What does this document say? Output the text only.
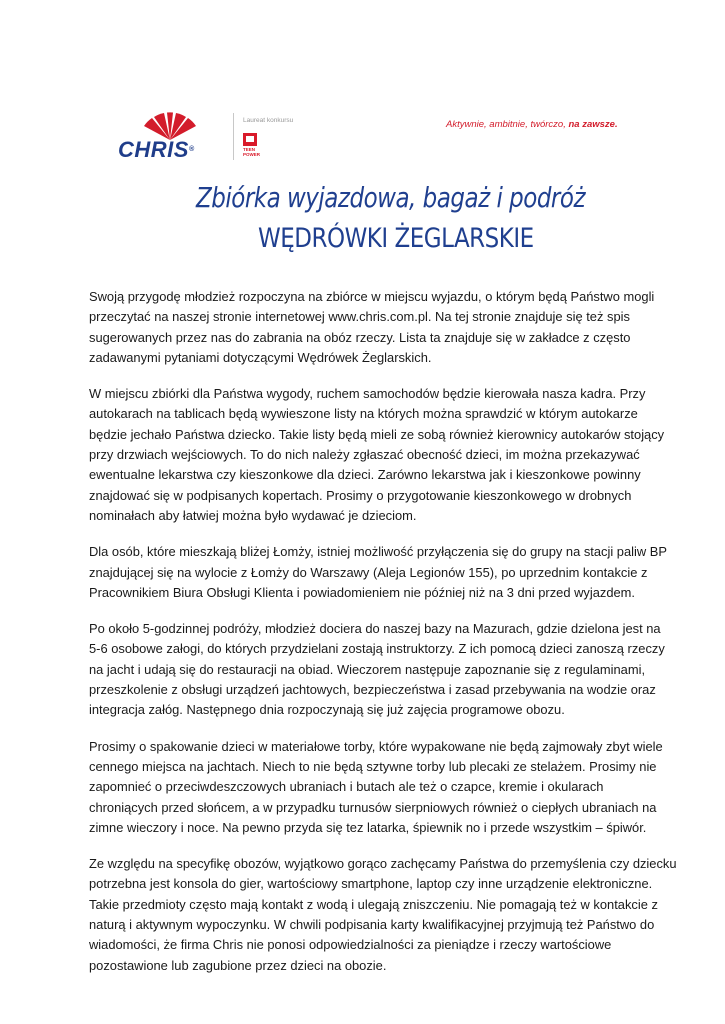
CHRIS®
Laureat konkursu
TEEN POWER
Aktywnie, ambitnie, twórczo, na zawsze.
Zbiórka wyjazdowa, bagaż i podróż
WĘDRÓWKI ŻEGLARSKIE

Swoją przygodę młodzież rozpoczyna na zbiórce w miejscu wyjazdu, o którym będą Państwo mogli
przeczytać na naszej stronie internetowej www.chris.com.pl. Na tej stronie znajduje się też spis
sugerowanych przez nas do zabrania na obóz rzeczy. Lista ta znajduje się w zakładce z często
zadawanymi pytaniami dotyczącymi Wędrówek Żeglarskich.

W miejscu zbiórki dla Państwa wygody, ruchem samochodów będzie kierowała nasza kadra. Przy
autokarach na tablicach będą wywieszone listy na których można sprawdzić w którym autokarze
będzie jechało Państwa dziecko. Takie listy będą mieli ze sobą również kierownicy autokarów stojący
przy drzwiach wejściowych. To do nich należy zgłaszać obecność dzieci, im można przekazywać
ewentualne lekarstwa czy kieszonkowe dla dzieci. Zarówno lekarstwa jak i kieszonkowe powinny
znajdować się w podpisanych kopertach. Prosimy o przygotowanie kieszonkowego w drobnych
nominałach aby łatwiej można było wydawać je dzieciom.

Dla osób, które mieszkają bliżej Łomży, istniej możliwość przyłączenia się do grupy na stacji paliw BP
znajdującej się na wylocie z Łomży do Warszawy (Aleja Legionów 155), po uprzednim kontakcie z
Pracownikiem Biura Obsługi Klienta i powiadomieniem nie później niż na 3 dni przed wyjazdem.

Po około 5-godzinnej podróży, młodzież dociera do naszej bazy na Mazurach, gdzie dzielona jest na
5-6 osobowe załogi, do których przydzielani zostają instruktorzy. Z ich pomocą dzieci zanoszą rzeczy
na jacht i udają się do restauracji na obiad. Wieczorem następuje zapoznanie się z regulaminami,
przeszkolenie z obsługi urządzeń jachtowych, bezpieczeństwa i zasad przebywania na wodzie oraz
integracja załóg. Następnego dnia rozpoczynają się już zajęcia programowe obozu.

Prosimy o spakowanie dzieci w materiałowe torby, które wypakowane nie będą zajmowały zbyt wiele
cennego miejsca na jachtach. Niech to nie będą sztywne torby lub plecaki ze stelażem. Prosimy nie
zapomnieć o przeciwdeszczowych ubraniach i butach ale też o czapce, kremie i okularach
chroniących przed słońcem, a w przypadku turnusów sierpniowych również o ciepłych ubraniach na
zimne wieczory i noce. Na pewno przyda się tez latarka, śpiewnik no i przede wszystkim – śpiwór.

Ze względu na specyfikę obozów, wyjątkowo gorąco zachęcamy Państwa do przemyślenia czy dziecku
potrzebna jest konsola do gier, wartościowy smartphone, laptop czy inne urządzenie elektroniczne.
Takie przedmioty często mają kontakt z wodą i ulegają zniszczeniu. Nie pomagają też w kontakcie z
naturą i aktywnym wypoczynku. W chwili podpisania karty kwalifikacyjnej przyjmują też Państwo do
wiadomości, że firma Chris nie ponosi odpowiedzialności za pieniądze i rzeczy wartościowe
pozostawione lub zagubione przez dzieci na obozie.
